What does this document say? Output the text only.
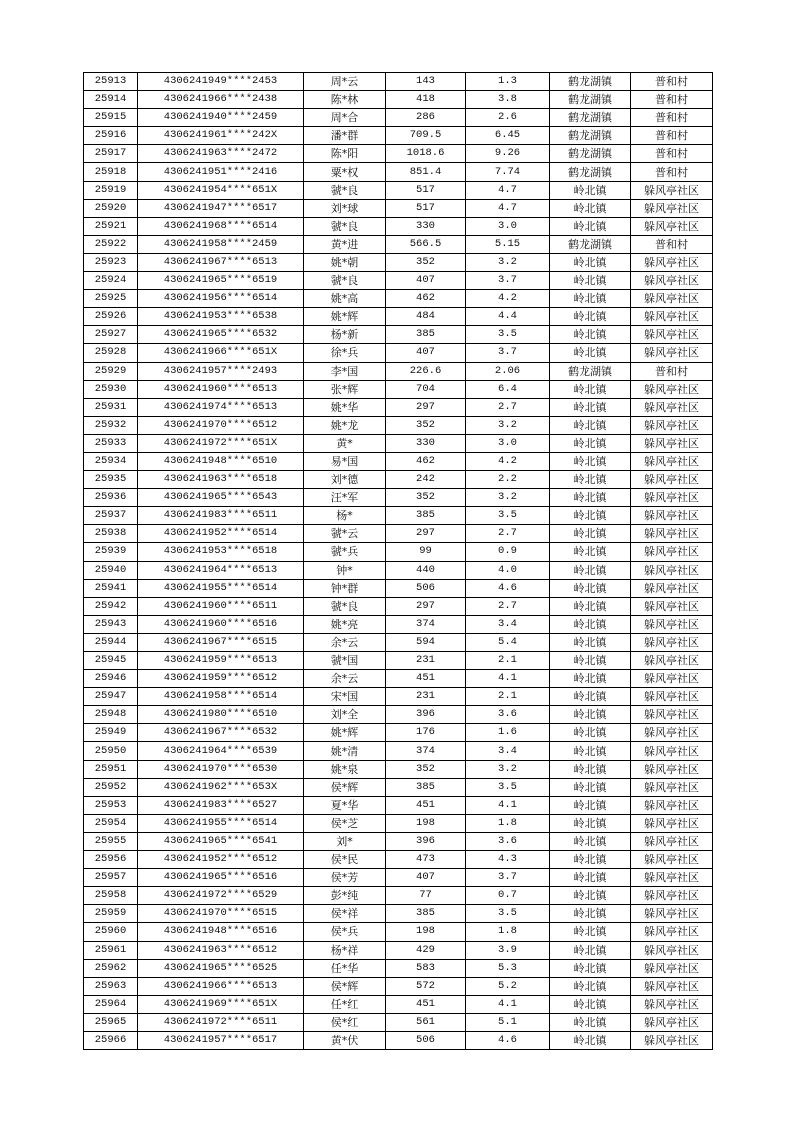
25913	4306241949****2453	周*云	143	1.3	鹤龙湖镇	普和村
25914	4306241966****2438	陈*林	418	3.8	鹤龙湖镇	普和村
25915	4306241940****2459	周*合	286	2.6	鹤龙湖镇	普和村
25916	4306241961****242X	潘*群	709.5	6.45	鹤龙湖镇	普和村
25917	4306241963****2472	陈*阳	1018.6	9.26	鹤龙湖镇	普和村
25918	4306241951****2416	粟*权	851.4	7.74	鹤龙湖镇	普和村
25919	4306241954****651X	虢*良	517	4.7	岭北镇	躲风亭社区
25920	4306241947****6517	刘*球	517	4.7	岭北镇	躲风亭社区
25921	4306241968****6514	虢*良	330	3.0	岭北镇	躲风亭社区
25922	4306241958****2459	黄*进	566.5	5.15	鹤龙湖镇	普和村
25923	4306241967****6513	姚*朝	352	3.2	岭北镇	躲风亭社区
25924	4306241965****6519	虢*良	407	3.7	岭北镇	躲风亭社区
25925	4306241956****6514	姚*高	462	4.2	岭北镇	躲风亭社区
25926	4306241953****6538	姚*辉	484	4.4	岭北镇	躲风亭社区
25927	4306241965****6532	杨*新	385	3.5	岭北镇	躲风亭社区
25928	4306241966****651X	徐*兵	407	3.7	岭北镇	躲风亭社区
25929	4306241957****2493	李*国	226.6	2.06	鹤龙湖镇	普和村
25930	4306241960****6513	张*辉	704	6.4	岭北镇	躲风亭社区
25931	4306241974****6513	姚*华	297	2.7	岭北镇	躲风亭社区
25932	4306241970****6512	姚*龙	352	3.2	岭北镇	躲风亭社区
25933	4306241972****651X	黄*	330	3.0	岭北镇	躲风亭社区
25934	4306241948****6510	易*国	462	4.2	岭北镇	躲风亭社区
25935	4306241963****6518	刘*德	242	2.2	岭北镇	躲风亭社区
25936	4306241965****6543	汪*军	352	3.2	岭北镇	躲风亭社区
25937	4306241983****6511	杨*	385	3.5	岭北镇	躲风亭社区
25938	4306241952****6514	虢*云	297	2.7	岭北镇	躲风亭社区
25939	4306241953****6518	虢*兵	99	0.9	岭北镇	躲风亭社区
25940	4306241964****6513	钟*	440	4.0	岭北镇	躲风亭社区
25941	4306241955****6514	钟*群	506	4.6	岭北镇	躲风亭社区
25942	4306241960****6511	虢*良	297	2.7	岭北镇	躲风亭社区
25943	4306241960****6516	姚*亮	374	3.4	岭北镇	躲风亭社区
25944	4306241967****6515	余*云	594	5.4	岭北镇	躲风亭社区
25945	4306241959****6513	虢*国	231	2.1	岭北镇	躲风亭社区
25946	4306241959****6512	余*云	451	4.1	岭北镇	躲风亭社区
25947	4306241958****6514	宋*国	231	2.1	岭北镇	躲风亭社区
25948	4306241980****6510	刘*全	396	3.6	岭北镇	躲风亭社区
25949	4306241967****6532	姚*辉	176	1.6	岭北镇	躲风亭社区
25950	4306241964****6539	姚*清	374	3.4	岭北镇	躲风亭社区
25951	4306241970****6530	姚*泉	352	3.2	岭北镇	躲风亭社区
25952	4306241962****653X	侯*辉	385	3.5	岭北镇	躲风亭社区
25953	4306241983****6527	夏*华	451	4.1	岭北镇	躲风亭社区
25954	4306241955****6514	侯*芝	198	1.8	岭北镇	躲风亭社区
25955	4306241965****6541	刘*	396	3.6	岭北镇	躲风亭社区
25956	4306241952****6512	侯*民	473	4.3	岭北镇	躲风亭社区
25957	4306241965****6516	侯*芳	407	3.7	岭北镇	躲风亭社区
25958	4306241972****6529	彭*纯	77	0.7	岭北镇	躲风亭社区
25959	4306241970****6515	侯*祥	385	3.5	岭北镇	躲风亭社区
25960	4306241948****6516	侯*兵	198	1.8	岭北镇	躲风亭社区
25961	4306241963****6512	杨*祥	429	3.9	岭北镇	躲风亭社区
25962	4306241965****6525	任*华	583	5.3	岭北镇	躲风亭社区
25963	4306241966****6513	侯*辉	572	5.2	岭北镇	躲风亭社区
25964	4306241969****651X	任*红	451	4.1	岭北镇	躲风亭社区
25965	4306241972****6511	侯*红	561	5.1	岭北镇	躲风亭社区
25966	4306241957****6517	黄*伏	506	4.6	岭北镇	躲风亭社区
